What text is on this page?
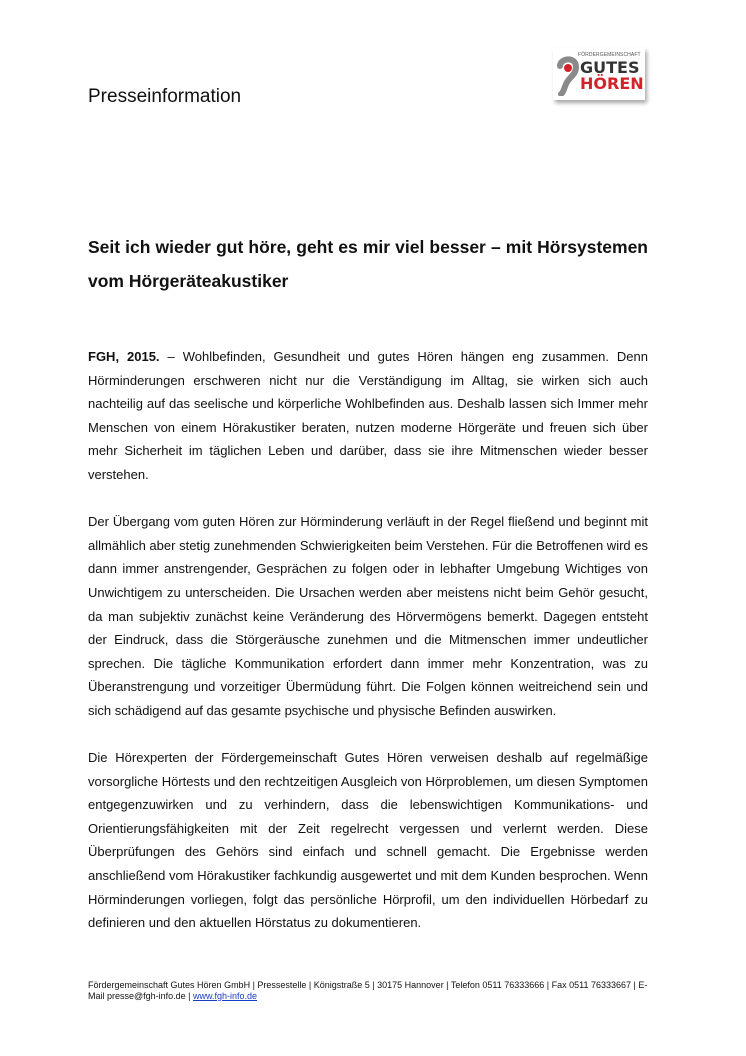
FÖRDERGEMEINSCHAFT
GUTES
HÖREN
Presseinformation
Seit ich wieder gut höre, geht es mir viel besser – mit Hörsystemen vom Hörgeräteakustiker

FGH, 2015. – Wohlbefinden, Gesundheit und gutes Hören hängen eng zusammen. Denn Hörminderungen erschweren nicht nur die Verständigung im Alltag, sie wirken sich auch nachteilig auf das seelische und körperliche Wohlbefinden aus. Deshalb lassen sich Immer mehr Menschen von einem Hörakustiker beraten, nutzen moderne Hörgeräte und freuen sich über mehr Sicherheit im täglichen Leben und darüber, dass sie ihre Mitmenschen wieder besser verstehen.

Der Übergang vom guten Hören zur Hörminderung verläuft in der Regel fließend und beginnt mit allmählich aber stetig zunehmenden Schwierigkeiten beim Verstehen. Für die Betroffenen wird es dann immer anstrengender, Gesprächen zu folgen oder in lebhafter Umgebung Wichtiges von Unwichtigem zu unterscheiden. Die Ursachen werden aber meistens nicht beim Gehör gesucht, da man subjektiv zunächst keine Veränderung des Hörvermögens bemerkt. Dagegen entsteht der Eindruck, dass die Störgeräusche zunehmen und die Mitmenschen immer undeutlicher sprechen. Die tägliche Kommunikation erfordert dann immer mehr Konzentration, was zu Überanstrengung und vorzeitiger Übermüdung führt. Die Folgen können weitreichend sein und sich schädigend auf das gesamte psychische und physische Befinden auswirken.

Die Hörexperten der Fördergemeinschaft Gutes Hören verweisen deshalb auf regelmäßige vorsorgliche Hörtests und den rechtzeitigen Ausgleich von Hörproblemen, um diesen Symptomen entgegenzuwirken und zu verhindern, dass die lebenswichtigen Kommunikations- und Orientierungsfähigkeiten mit der Zeit regelrecht vergessen und verlernt werden. Diese Überprüfungen des Gehörs sind einfach und schnell gemacht. Die Ergebnisse werden anschließend vom Hörakustiker fachkundig ausgewertet und mit dem Kunden besprochen. Wenn Hörminderungen vorliegen, folgt das persönliche Hörprofil, um den individuellen Hörbedarf zu definieren und den aktuellen Hörstatus zu dokumentieren.

Fördergemeinschaft Gutes Hören GmbH | Pressestelle | Königstraße 5 | 30175 Hannover | Telefon 0511 76333666 | Fax 0511 76333667 | E-Mail presse@fgh-info.de | www.fgh-info.de
